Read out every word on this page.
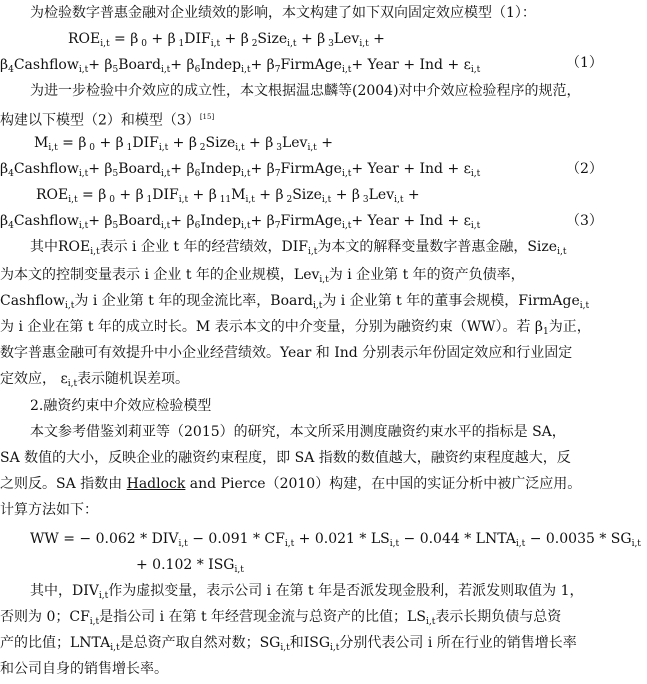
为检验数字普惠金融对企业绩效的影响，本文构建了如下双向固定效应模型（1）：
$ROE_{i,t} = \beta$ $_0$ + β $_1DIF_{i,t} + \beta$ $_2$Size$_{i,t}$ + β $_3$Lev$_{i,t}$ +
$\beta_4Cashflow_{i,t}+$ $\beta_5Board_{i,t}+$ $\beta_6Indep_{i,t}+$ $\beta_7FirmAge_{i,t}+$ Year + Ind + $\varepsilon_{i,t}$	（1）
为进一步检验中介效应的成立性，本文根据温忠麟等(2004)对中介效应检验程序的规范，
构建以下模型（2）和模型（3）[15]
$M_{i,t} = \beta$ $_0$ + β $_1DIF_{i,t} + \beta$ $_2$Size$_{i,t}$ + β $_3$Lev$_{i,t}$ +
$\beta_4Cashflow_{i,t}+$ $\beta_5Board_{i,t}+$ $\beta_6Indep_{i,t}+$ $\beta_7FirmAge_{i,t}+$ Year + Ind + $\varepsilon_{i,t}$	（2）
$ROE_{i,t} = \beta$ $_0$ + β $_1DIF_{i,t} + \beta$ $_{11}M_{i,t} + \beta$ $_2$Size$_{i,t}$ + β $_3$Lev$_{i,t}$ +
$\beta_4Cashflow_{i,t}+$ $\beta_5Board_{i,t}+$ $\beta_6Indep_{i,t}+$ $\beta_7FirmAge_{i,t}+$ Year + Ind + $\varepsilon_{i,t}$	（3）
其中$ROE_{i,t}$表示 i 企业 t 年的经营绩效，$DIF_{i,t}$为本文的解释变量数字普惠金融，Size$_{i,t}$
为本文的控制变量表示 i 企业 t 年的企业规模，Lev$_{i,t}$为 i 企业第 t 年的资产负债率，
Cashflow$_{i,t}$为 i 企业第 t 年的现金流比率，Board$_{i,t}$为 i 企业第 t 年的董事会规模，FirmAge$_{i,t}$
为 i 企业在第 t 年的成立时长。M 表示本文的中介变量，分别为融资约束（WW）。若 $\beta_1$为正，
数字普惠金融可有效提升中小企业经营绩效。Year 和 Ind 分别表示年份固定效应和行业固定
定效应， $\varepsilon_{i,t}$表示随机误差项。
2.融资约束中介效应检验模型
本文参考借鉴刘莉亚等（2015）的研究，本文所采用测度融资约束水平的指标是 SA，
SA 数值的大小，反映企业的融资约束程度，即 SA 指数的数值越大，融资约束程度越大，反
之则反。SA 指数由 Hadlock and Pierce（2010）构建，在中国的实证分析中被广泛应用。
计算方法如下：
WW = − $0.062 * DIV_{i,t} - 0.091 * CF_{i,t} + 0.021 * LS_{i,t} - 0.044$ * $LNTA_{i,t} - 0.0035 * SG_{i,t}$
+ $0.102 * ISG_{i,t}$
其中，$DIV_{i,t}$作为虚拟变量，表示公司 i 在第 t 年是否派发现金股利，若派发则取值为 1，
否则为 0；$CF_{i,t}$是指公司 i 在第 t 年经营现金流与总资产的比值；$LS_{i,t}$表示长期负债与总资
产的比值；$LNTA_{i,t}$是总资产取自然对数；$SG_{i,t}$和$ISG_{i,t}$分别代表公司 i 所在行业的销售增长率
和公司自身的销售增长率。
